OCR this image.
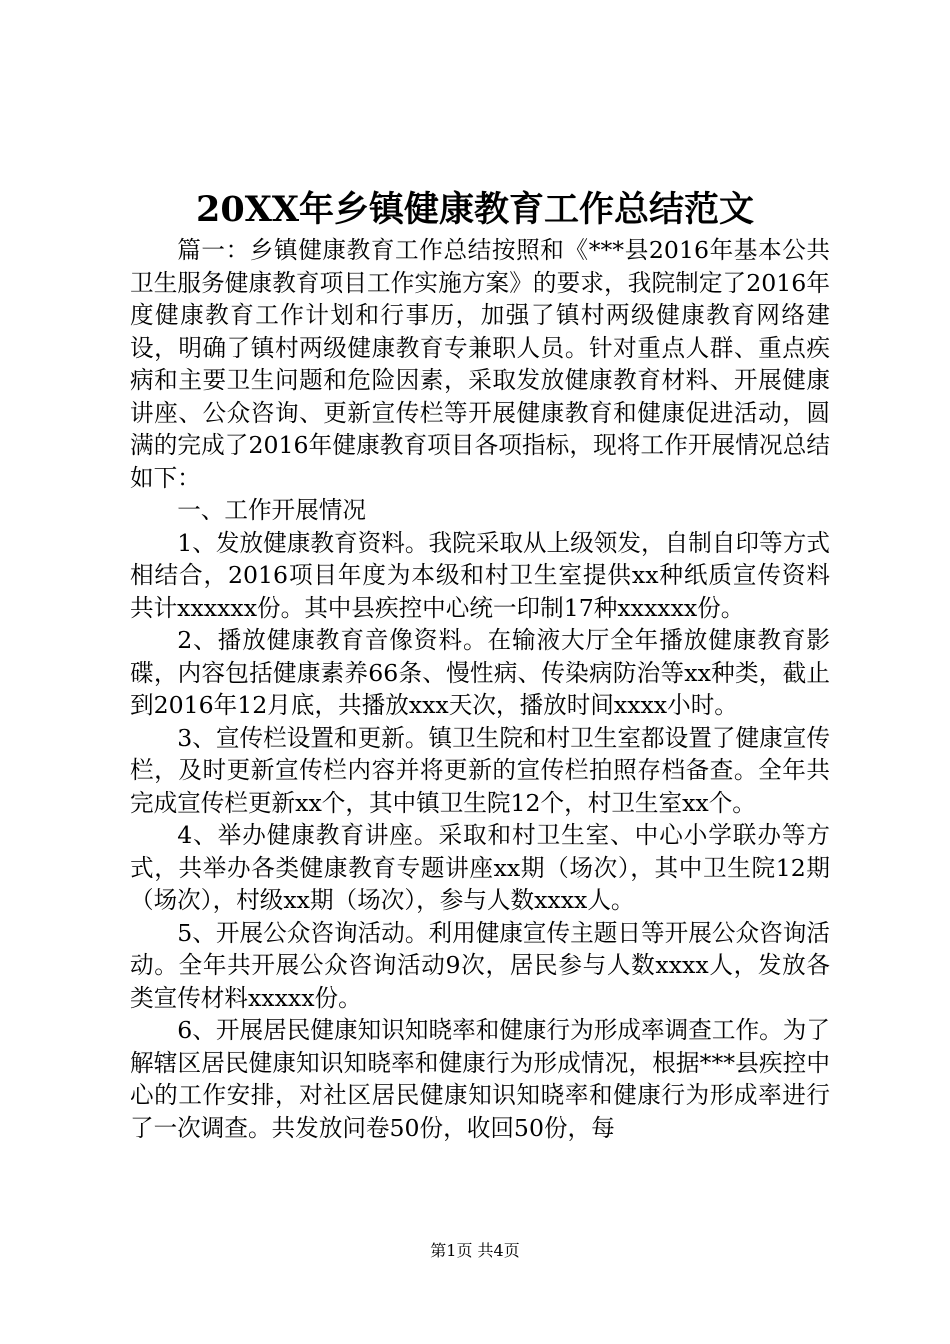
20XX年乡镇健康教育工作总结范文

篇一：乡镇健康教育工作总结按照和《***县2016年基本公共卫生服务健康教育项目工作实施方案》的要求，我院制定了2016年度健康教育工作计划和行事历，加强了镇村两级健康教育网络建设，明确了镇村两级健康教育专兼职人员。针对重点人群、重点疾病和主要卫生问题和危险因素，采取发放健康教育材料、开展健康讲座、公众咨询、更新宣传栏等开展健康教育和健康促进活动，圆满的完成了2016年健康教育项目各项指标，现将工作开展情况总结如下：

一、工作开展情况

1、发放健康教育资料。我院采取从上级领发，自制自印等方式相结合，2016项目年度为本级和村卫生室提供xx种纸质宣传资料共计xxxxxx份。其中县疾控中心统一印制17种xxxxxx份。

2、播放健康教育音像资料。在输液大厅全年播放健康教育影碟，内容包括健康素养66条、慢性病、传染病防治等xx种类，截止到2016年12月底，共播放xxx天次，播放时间xxxx小时。

3、宣传栏设置和更新。镇卫生院和村卫生室都设置了健康宣传栏，及时更新宣传栏内容并将更新的宣传栏拍照存档备查。全年共完成宣传栏更新xx个，其中镇卫生院12个，村卫生室xx个。

4、举办健康教育讲座。采取和村卫生室、中心小学联办等方式，共举办各类健康教育专题讲座xx期（场次），其中卫生院12期（场次），村级xx期（场次），参与人数xxxx人。

5、开展公众咨询活动。利用健康宣传主题日等开展公众咨询活动。全年共开展公众咨询活动9次，居民参与人数xxxx人，发放各类宣传材料xxxxx份。

6、开展居民健康知识知晓率和健康行为形成率调查工作。为了解辖区居民健康知识知晓率和健康行为形成情况，根据***县疾控中心的工作安排，对社区居民健康知识知晓率和健康行为形成率进行了一次调查。共发放问卷50份，收回50份，每

第1页 共4页
